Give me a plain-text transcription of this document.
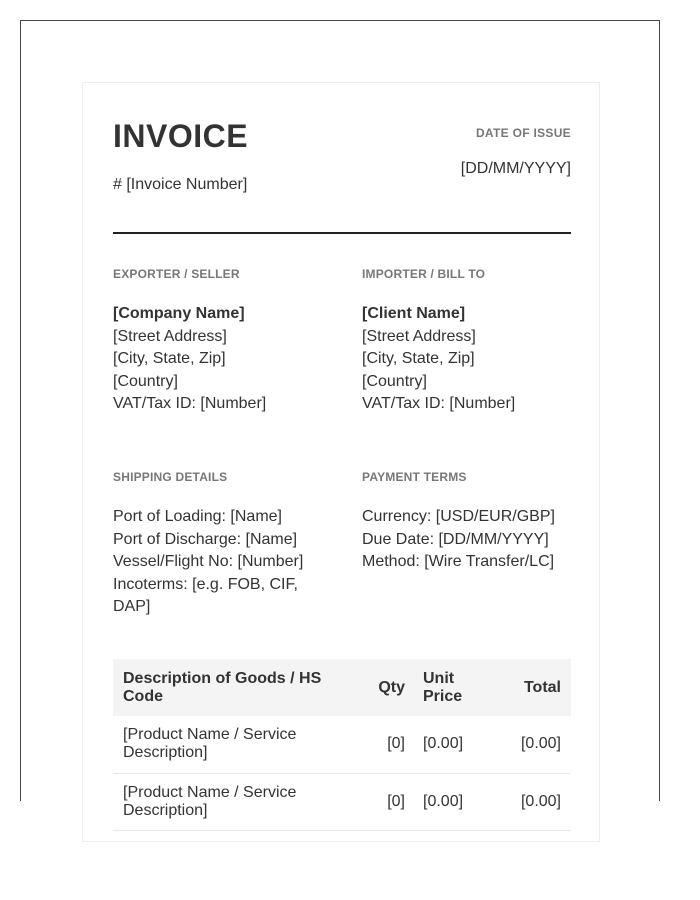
INVOICE
# [Invoice Number]
DATE OF ISSUE
[DD/MM/YYYY]
EXPORTER / SELLER
[Company Name]
[Street Address]
[City, State, Zip]
[Country]
VAT/Tax ID: [Number]
IMPORTER / BILL TO
[Client Name]
[Street Address]
[City, State, Zip]
[Country]
VAT/Tax ID: [Number]
SHIPPING DETAILS
Port of Loading: [Name]
Port of Discharge: [Name]
Vessel/Flight No: [Number]
Incoterms: [e.g. FOB, CIF, DAP]
PAYMENT TERMS
Currency: [USD/EUR/GBP]
Due Date: [DD/MM/YYYY]
Method: [Wire Transfer/LC]
Description of Goods / HS Code	Qty	Unit Price	Total
[Product Name / Service Description]	[0]	[0.00]	[0.00]
[Product Name / Service Description]	[0]	[0.00]	[0.00]
